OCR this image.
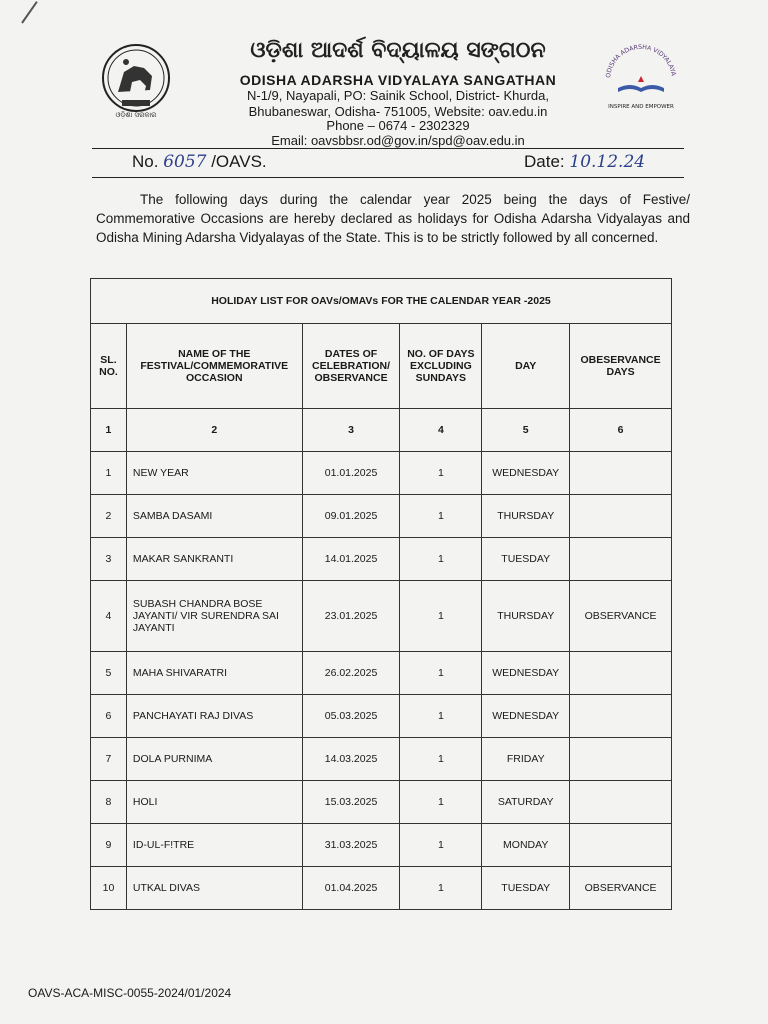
ଓଡ଼ିଶା ସରକାର
ODISHA ADARSHA VIDYALAYA
INSPIRE AND EMPOWER
ଓଡ଼ିଶା ଆଦର୍ଶ ବିଦ୍ୟାଳୟ ସଙ୍ଗଠନ
ODISHA ADARSHA VIDYALAYA SANGATHAN
N-1/9, Nayapali, PO: Sainik School, District- Khurda,
Bhubaneswar, Odisha- 751005, Website: oav.edu.in
Phone – 0674 - 2302329
Email: oavsbbsr.od@gov.in/spd@oav.edu.in
No. 6057 /OAVS.	Date: 10.12.24
The following days during the calendar year 2025 being the days of Festive/ Commemorative Occasions are hereby declared as holidays for Odisha Adarsha Vidyalayas and Odisha Mining Adarsha Vidyalayas of the State. This is to be strictly followed by all concerned.
HOLIDAY LIST FOR OAVs/OMAVs FOR THE CALENDAR YEAR -2025					
SL. NO.	NAME OF THE FESTIVAL/COMMEMORATIVE OCCASION	DATES OF CELEBRATION/ OBSERVANCE	NO. OF DAYS EXCLUDING SUNDAYS	DAY	OBESERVANCE DAYS
1	2	3	4	5	6
1	NEW YEAR	01.01.2025	1	WEDNESDAY	
2	SAMBA DASAMI	09.01.2025	1	THURSDAY	
3	MAKAR SANKRANTI	14.01.2025	1	TUESDAY	
4	SUBASH CHANDRA BOSE JAYANTI/ VIR SURENDRA SAI JAYANTI	23.01.2025	1	THURSDAY	OBSERVANCE
5	MAHA SHIVARATRI	26.02.2025	1	WEDNESDAY	
6	PANCHAYATI RAJ DIVAS	05.03.2025	1	WEDNESDAY	
7	DOLA PURNIMA	14.03.2025	1	FRIDAY	
8	HOLI	15.03.2025	1	SATURDAY	
9	ID-UL-F!TRE	31.03.2025	1	MONDAY	
10	UTKAL DIVAS	01.04.2025	1	TUESDAY	OBSERVANCE
OAVS-ACA-MISC-0055-2024/01/2024
